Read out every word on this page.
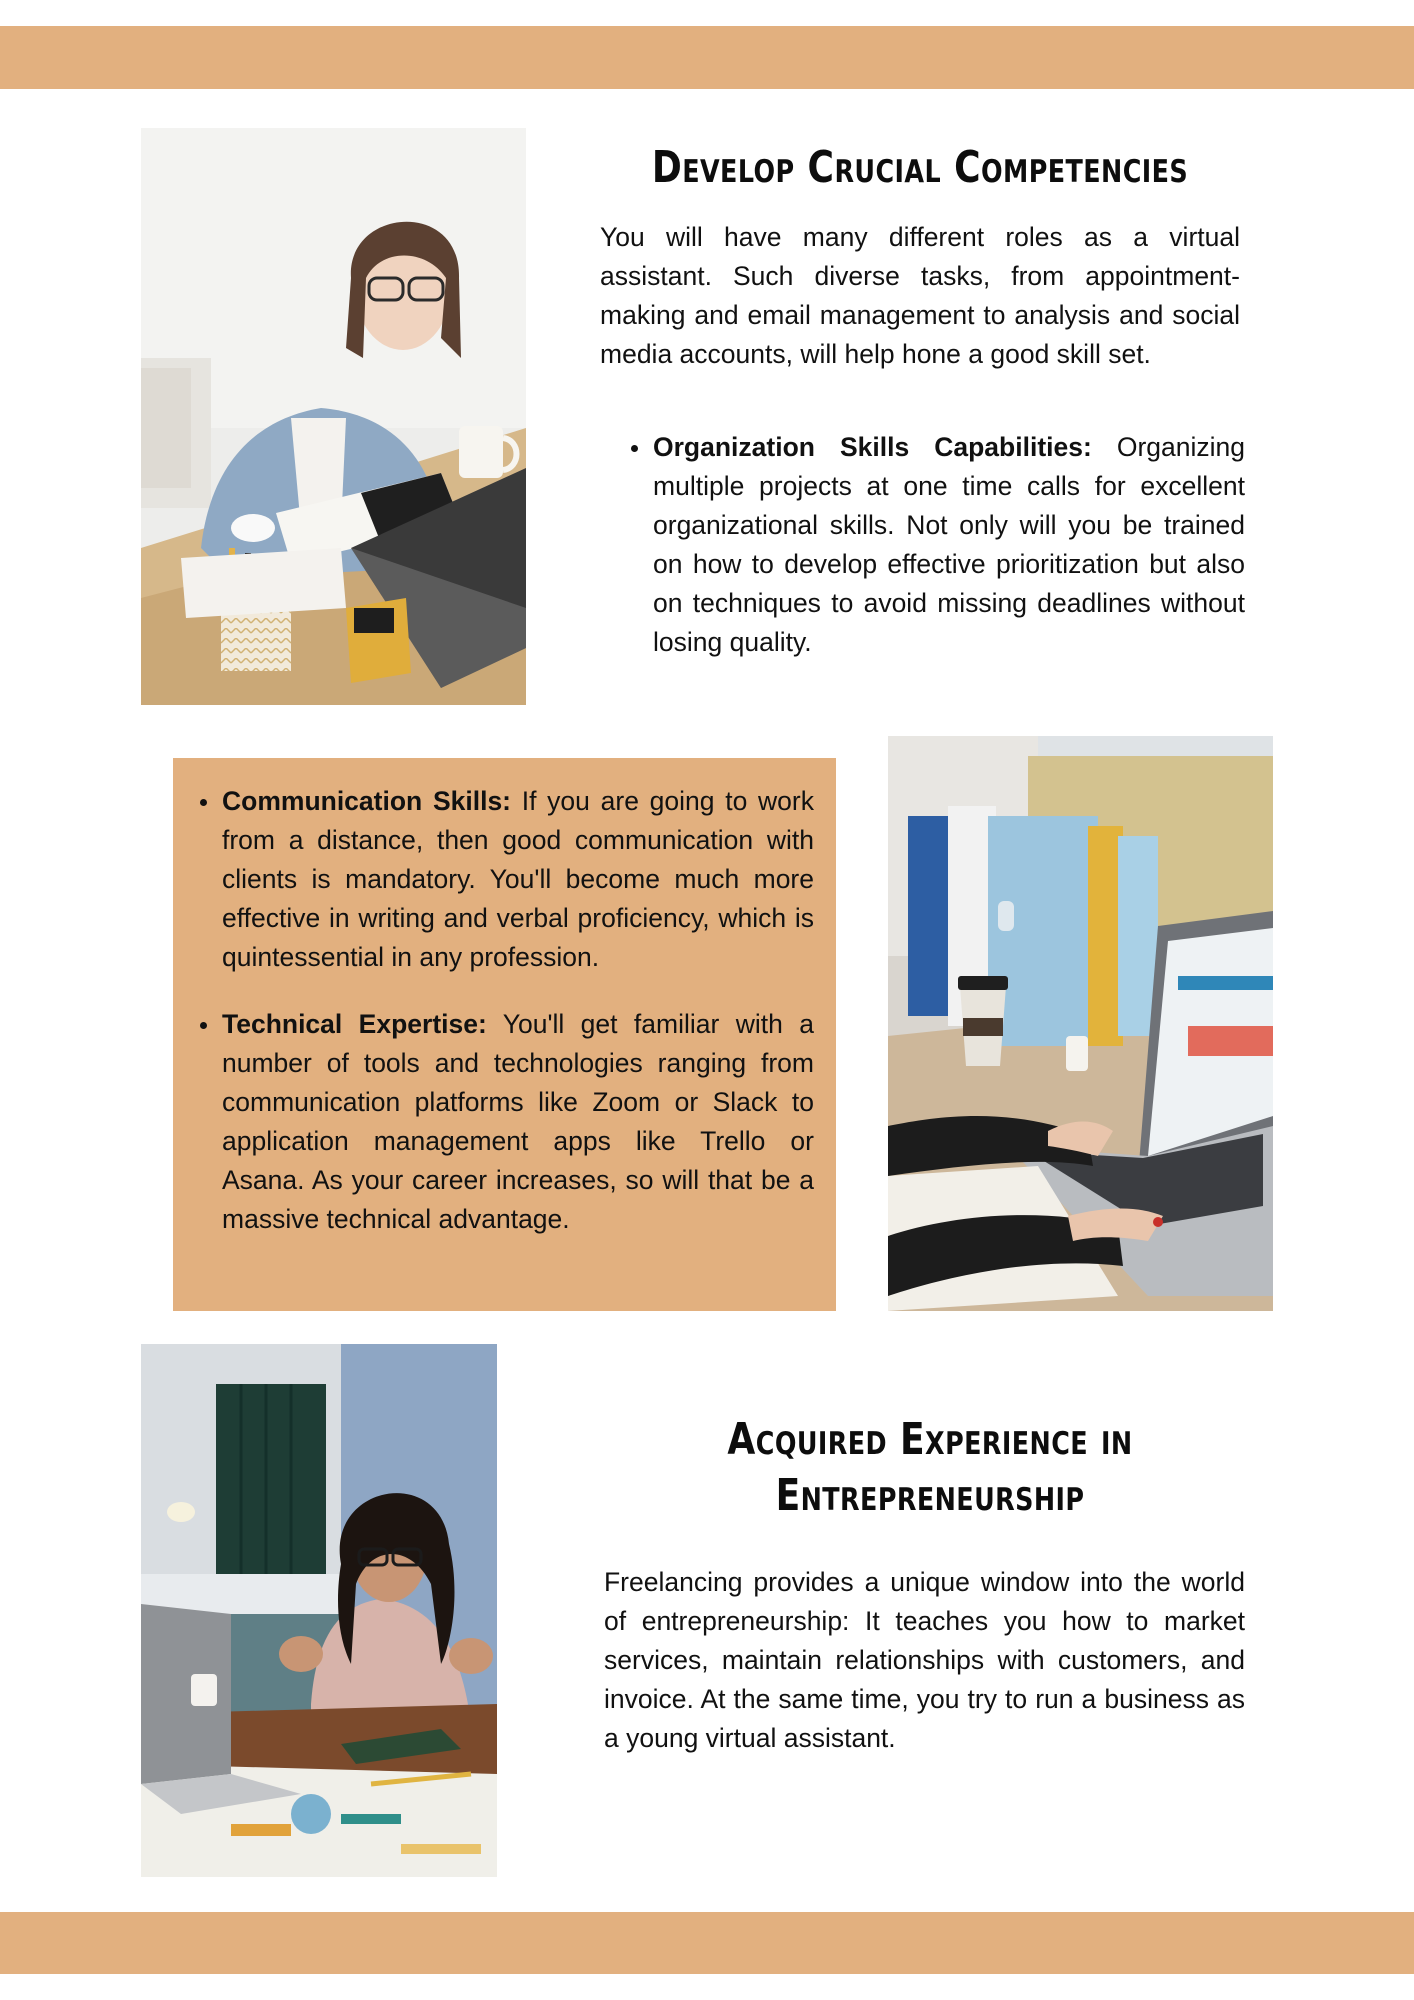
Develop Crucial Competencies

You will have many different roles as a virtual assistant. Such diverse tasks, from appointment-making and email management to analysis and social media accounts, will help hone a good skill set.

Organization Skills Capabilities: Organizing multiple projects at one time calls for excellent organizational skills. Not only will you be trained on how to develop effective prioritization but also on techniques to avoid missing deadlines without losing quality.
Communication Skills: If you are going to work from a distance, then good communication with clients is mandatory. You'll become much more effective in writing and verbal proficiency, which is quintessential in any profession.
Technical Expertise: You'll get familiar with a number of tools and technologies ranging from communication platforms like Zoom or Slack to application management apps like Trello or Asana. As your career increases, so will that be a massive technical advantage.
Acquired Experience in
Entrepreneurship

Freelancing provides a unique window into the world of entrepreneurship: It teaches you how to market services, maintain relationships with customers, and invoice. At the same time, you try to run a business as a young virtual assistant.
